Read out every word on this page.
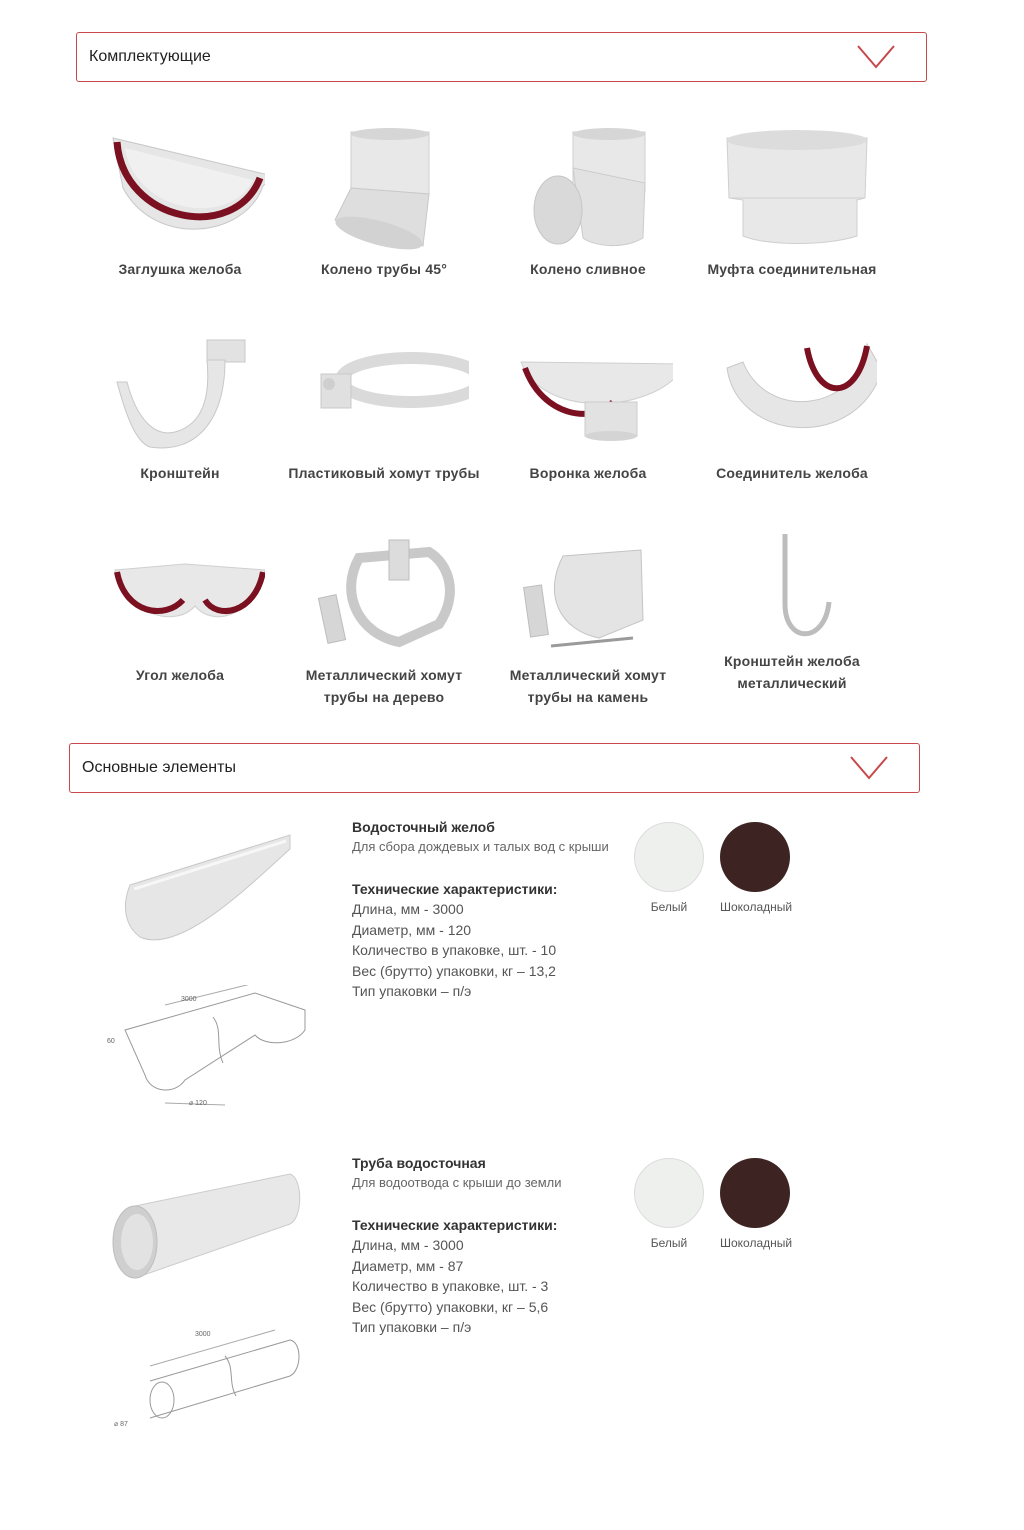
Комплектующие
Заглушка желоба	Колено трубы 45°	Колено сливное	Муфта соединительная
Кронштейн	Пластиковый хомут трубы	Воронка желоба	Соединитель желоба
Угол желоба	Металлический хомут трубы на дерево
Металлический хомут трубы на камень
Кронштейн желоба металлический
Основные элементы
3000
60
⌀ 120
Водосточный желоб
Для сбора дождевых и талых вод с крыши
Технические характеристики:
Длина, мм - 3000
Диаметр, мм - 120
Количество в упаковке, шт. - 10
Вес (брутто) упаковки, кг – 13,2
Тип упаковки – п/э
Белый	Шоколадный
3000
⌀ 87
Труба водосточная
Для водоотвода с крыши до земли
Технические характеристики:
Длина, мм - 3000
Диаметр, мм - 87
Количество в упаковке, шт. - 3
Вес (брутто) упаковки, кг – 5,6
Тип упаковки – п/э
Белый	Шоколадный
